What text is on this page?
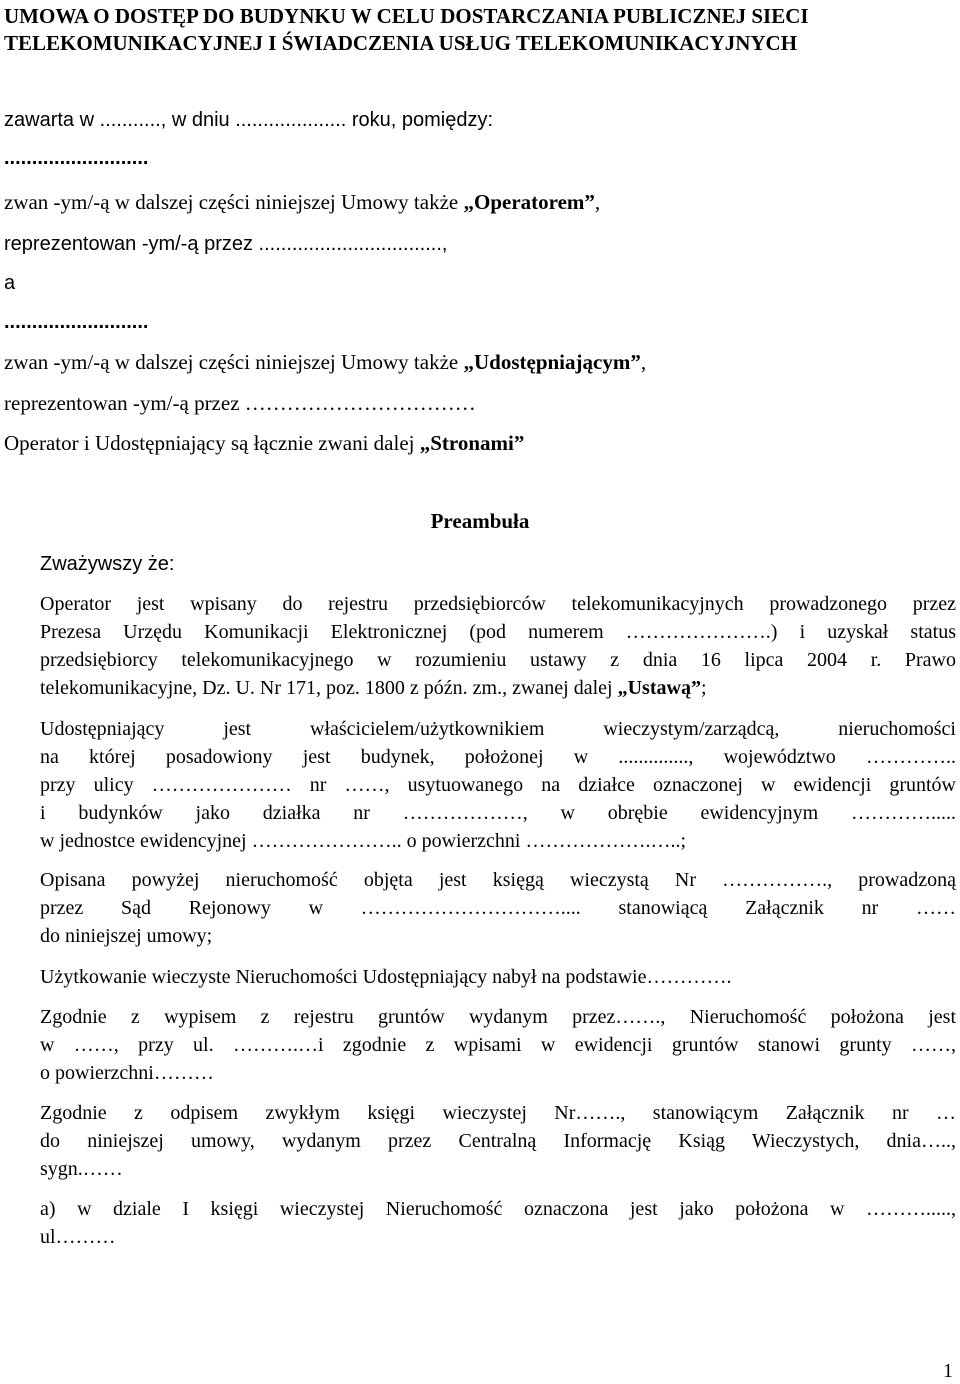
UMOWA O DOSTĘP DO BUDYNKU W CELU DOSTARCZANIA PUBLICZNEJ SIECI
TELEKOMUNIKACYJNEJ I ŚWIADCZENIA USŁUG TELEKOMUNIKACYJNYCH
zawarta w ..........., w dniu .................... roku, pomiędzy:
..........................
zwan -ym/-ą w dalszej części niniejszej Umowy także „Operatorem”,
reprezentowan -ym/-ą przez .................................,
a
..........................
zwan -ym/-ą w dalszej części niniejszej Umowy także „Udostępniającym”,
reprezentowan -ym/-ą przez ……………………………
Operator i Udostępniający są łącznie zwani dalej „Stronami”
Preambuła
Zważywszy że:
Operator jest wpisany do rejestru przedsiębiorców telekomunikacyjnych prowadzonego przez
Prezesa Urzędu Komunikacji Elektronicznej (pod numerem ………………….) i uzyskał status
przedsiębiorcy telekomunikacyjnego w rozumieniu ustawy z dnia 16 lipca 2004 r. Prawo
telekomunikacyjne, Dz. U. Nr 171, poz. 1800 z późn. zm., zwanej dalej „Ustawą”;
Udostępniający jest właścicielem/użytkownikiem wieczystym/zarządcą, nieruchomości
na której posadowiony jest budynek, położonej w .............., województwo …………..
przy ulicy ………………… nr ……, usytuowanego na działce oznaczonej w ewidencji gruntów
i budynków jako działka nr ………………, w obrębie ewidencyjnym ………….....
w jednostce ewidencyjnej ………………….. o powierzchni ……………….…..;
Opisana powyżej nieruchomość objęta jest księgą wieczystą Nr ……………., prowadzoną
przez Sąd Rejonowy w ………………………….... stanowiącą Załącznik nr ……
do niniejszej umowy;
Użytkowanie wieczyste Nieruchomości Udostępniający nabył na podstawie………….
Zgodnie z wypisem z rejestru gruntów wydanym przez……., Nieruchomość położona jest
w ……, przy ul. ……….…i zgodnie z wpisami w ewidencji gruntów stanowi grunty ……,
o powierzchni………
Zgodnie z odpisem zwykłym księgi wieczystej Nr……., stanowiącym Załącznik nr …
do niniejszej umowy, wydanym przez Centralną Informację Ksiąg Wieczystych, dnia…..,
sygn.……
a) w dziale I księgi wieczystej Nieruchomość oznaczona jest jako położona w ……….....,
ul………
1
